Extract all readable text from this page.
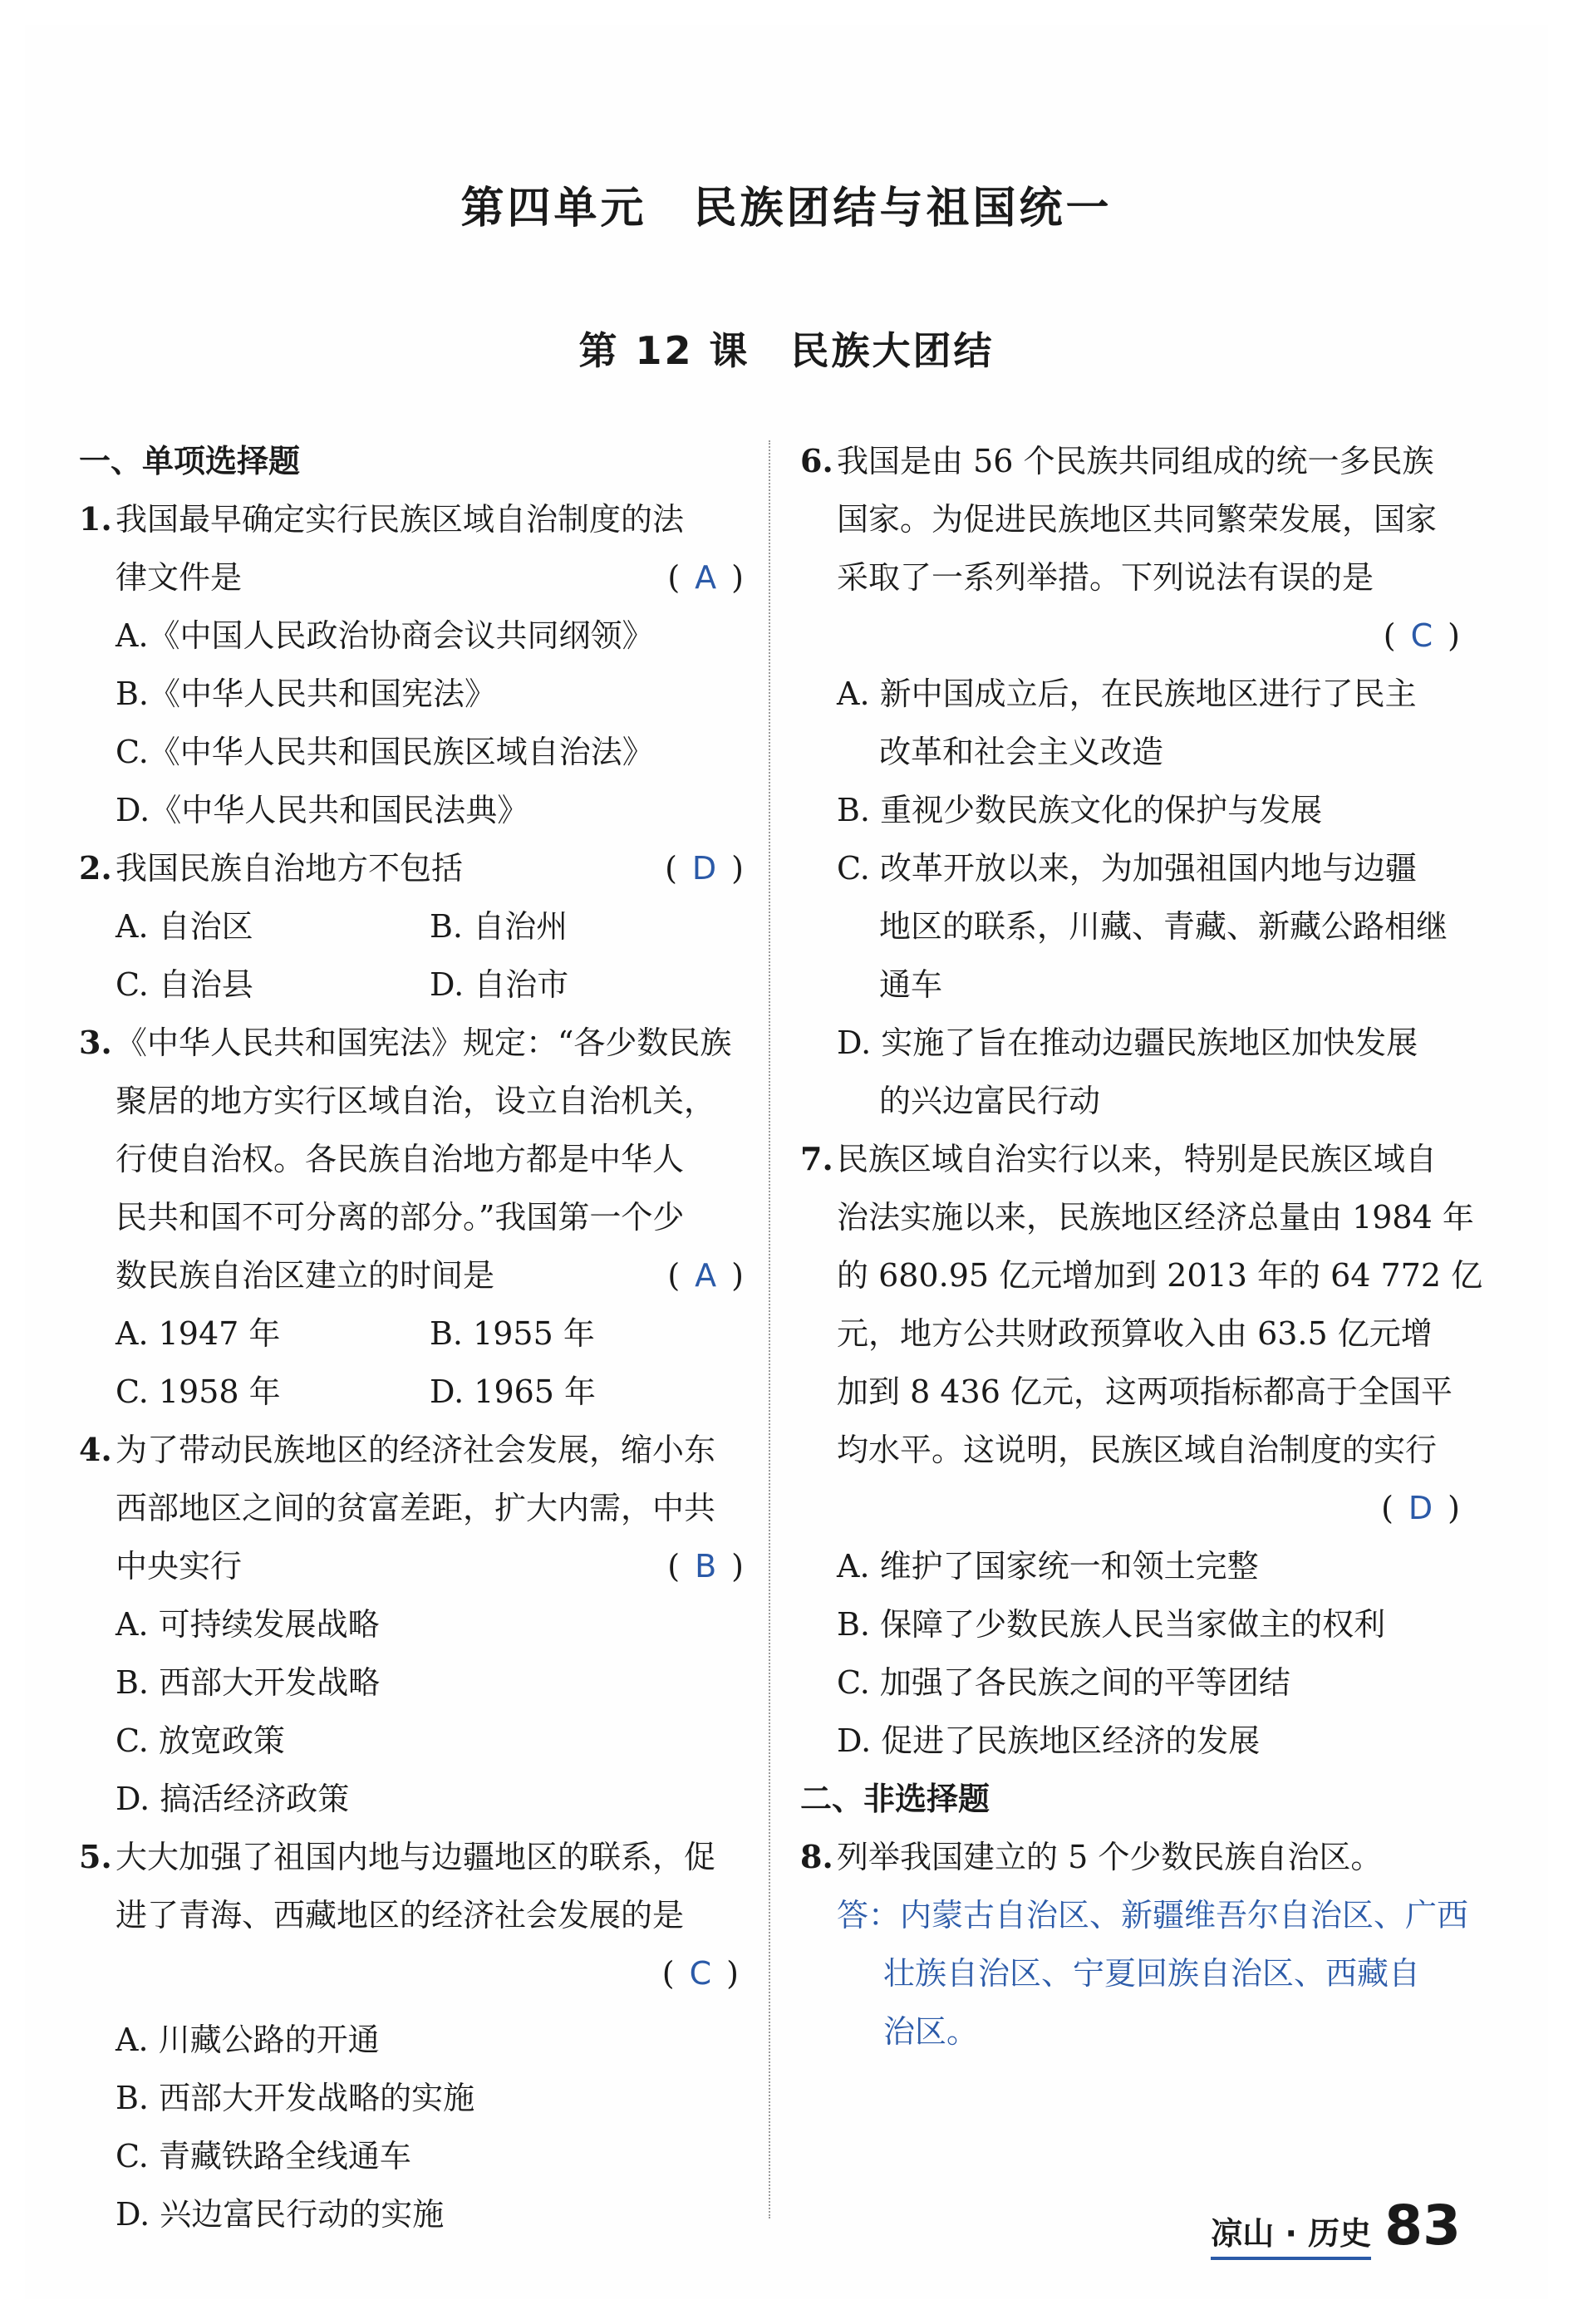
第四单元　民族团结与祖国统一
第 12 课　民族大团结
一、单项选择题
1. 我国最早确定实行民族区域自治制度的法
律文件是	( A )
A.《中国人民政治协商会议共同纲领》
B.《中华人民共和国宪法》
C.《中华人民共和国民族区域自治法》
D.《中华人民共和国民法典》
2. 我国民族自治地方不包括	( D )
A. 自治区	B. 自治州
C. 自治县	D. 自治市
3. 《中华人民共和国宪法》规定：“各少数民族
聚居的地方实行区域自治，设立自治机关，
行使自治权。各民族自治地方都是中华人
民共和国不可分离的部分。”我国第一个少
数民族自治区建立的时间是	( A )
A. 1947 年	B. 1955 年
C. 1958 年	D. 1965 年
4. 为了带动民族地区的经济社会发展，缩小东
西部地区之间的贫富差距，扩大内需，中共
中央实行	( B )
A. 可持续发展战略
B. 西部大开发战略
C. 放宽政策
D. 搞活经济政策
5. 大大加强了祖国内地与边疆地区的联系，促
进了青海、西藏地区的经济社会发展的是
( C )
A. 川藏公路的开通
B. 西部大开发战略的实施
C. 青藏铁路全线通车
D. 兴边富民行动的实施
6. 我国是由 56 个民族共同组成的统一多民族
国家。为促进民族地区共同繁荣发展，国家
采取了一系列举措。下列说法有误的是
( C )
A. 新中国成立后，在民族地区进行了民主
改革和社会主义改造
B. 重视少数民族文化的保护与发展
C. 改革开放以来，为加强祖国内地与边疆
地区的联系，川藏、青藏、新藏公路相继
通车
D. 实施了旨在推动边疆民族地区加快发展
的兴边富民行动
7. 民族区域自治实行以来，特别是民族区域自
治法实施以来，民族地区经济总量由 1984 年
的 680.95 亿元增加到 2013 年的 64 772 亿
元，地方公共财政预算收入由 63.5 亿元增
加到 8 436 亿元，这两项指标都高于全国平
均水平。这说明，民族区域自治制度的实行
( D )
A. 维护了国家统一和领土完整
B. 保障了少数民族人民当家做主的权利
C. 加强了各民族之间的平等团结
D. 促进了民族地区经济的发展
二、非选择题
8. 列举我国建立的 5 个少数民族自治区。
答：内蒙古自治区、新疆维吾尔自治区、广西
壮族自治区、宁夏回族自治区、西藏自
治区。
凉山 · 历史 83
